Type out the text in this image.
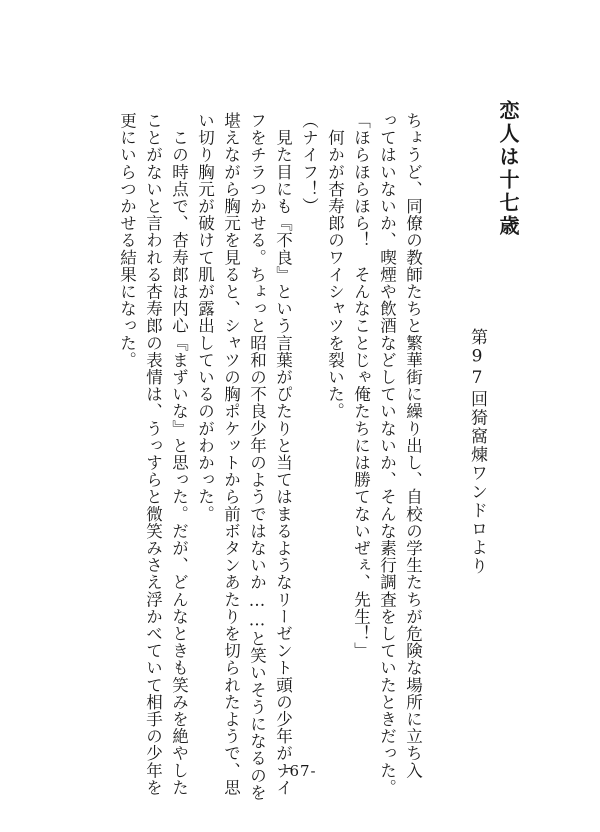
恋人は十七歳
第97回猗窩煉ワンドロより
ちょうど、同僚の教師たちと繁華街に繰り出し、自校の学生たちが危険な場所に立ち入
ってはいないか、喫煙や飲酒などしていないか、そんな素行調査をしていたときだった。
「ほらほらほら！　そんなことじゃ俺たちには勝てないぜぇ、先生！」
　何かが杏寿郎のワイシャツを裂いた。
（ナイフ！）
　見た目にも『不良』という言葉がぴたりと当てはまるようなリーゼント頭の少年がナイ
フをチラつかせる。ちょっと昭和の不良少年のようではないか……と笑いそうになるのを
堪えながら胸元を見ると、シャツの胸ポケットから前ボタンあたりを切られたようで、思
い切り胸元が破けて肌が露出しているのがわかった。
　この時点で、杏寿郎は内心『まずいな』と思った。だが、どんなときも笑みを絶やした
ことがないと言われる杏寿郎の表情は、うっすらと微笑みさえ浮かべていて相手の少年を
更にいらつかせる結果になった。
-67-
